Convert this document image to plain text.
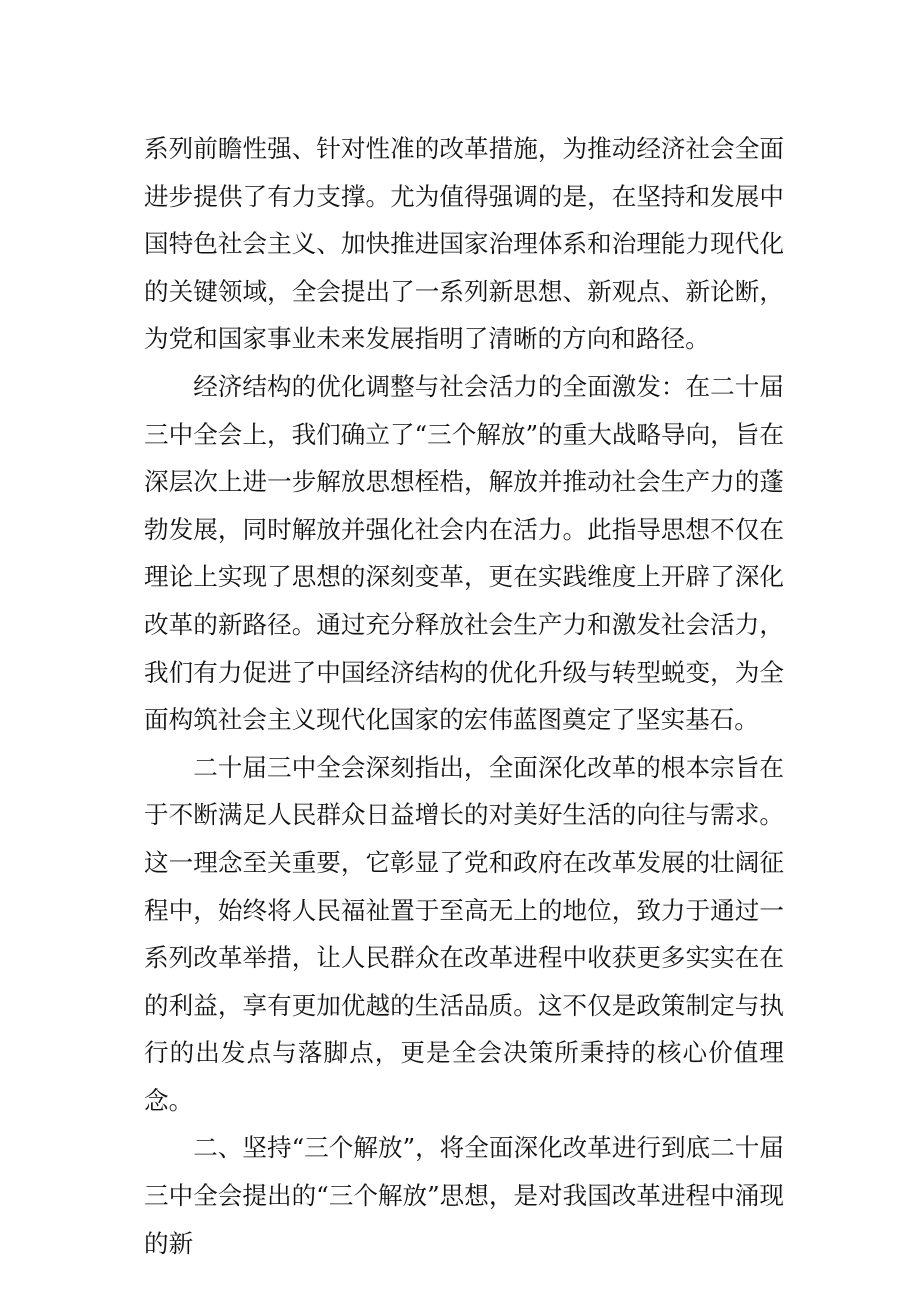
系列前瞻性强、针对性准的改革措施，为推动经济社会全面进步提供了有力支撑。尤为值得强调的是，在坚持和发展中国特色社会主义、加快推进国家治理体系和治理能力现代化的关键领域，全会提出了一系列新思想、新观点、新论断，为党和国家事业未来发展指明了清晰的方向和路径。

经济结构的优化调整与社会活力的全面激发：在二十届三中全会上，我们确立了“三个解放”的重大战略导向，旨在深层次上进一步解放思想桎梏，解放并推动社会生产力的蓬勃发展，同时解放并强化社会内在活力。此指导思想不仅在理论上实现了思想的深刻变革，更在实践维度上开辟了深化改革的新路径。通过充分释放社会生产力和激发社会活力，我们有力促进了中国经济结构的优化升级与转型蜕变，为全面构筑社会主义现代化国家的宏伟蓝图奠定了坚实基石。

二十届三中全会深刻指出，全面深化改革的根本宗旨在于不断满足人民群众日益增长的对美好生活的向往与需求。这一理念至关重要，它彰显了党和政府在改革发展的壮阔征程中，始终将人民福祉置于至高无上的地位，致力于通过一系列改革举措，让人民群众在改革进程中收获更多实实在在的利益，享有更加优越的生活品质。这不仅是政策制定与执行的出发点与落脚点，更是全会决策所秉持的核心价值理念。

二、坚持“三个解放”，将全面深化改革进行到底二十届三中全会提出的“三个解放”思想，是对我国改革进程中涌现的新
